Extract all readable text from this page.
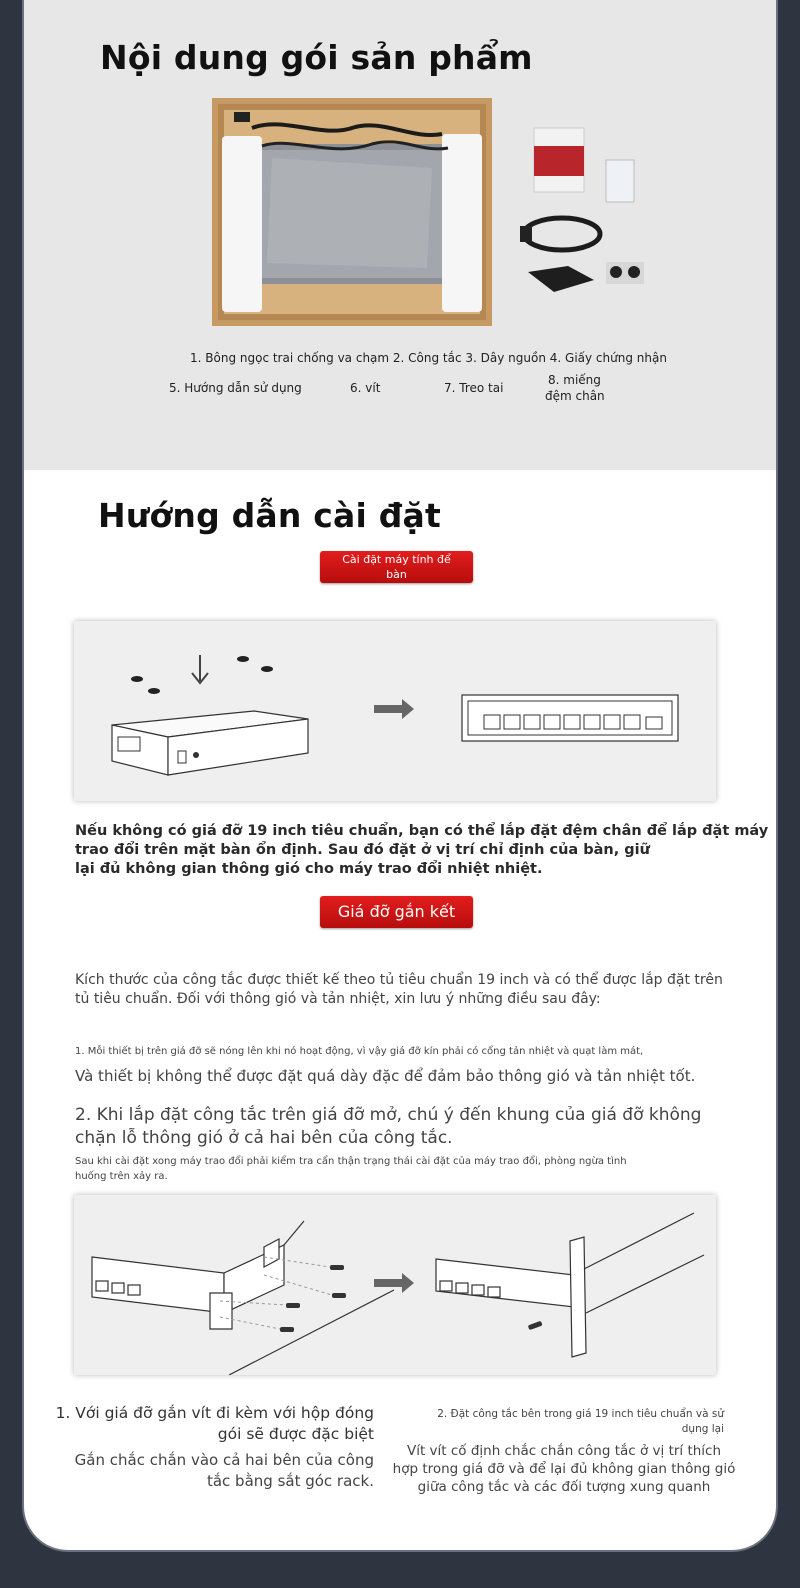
Nội dung gói sản phẩm
1. Bông ngọc trai chống va chạm 2. Công tắc 3. Dây nguồn 4. Giấy chứng nhận
5. Hướng dẫn sử dụng	6. vít	7. Treo tai
8. miếng
đệm chân
Hướng dẫn cài đặt
Cài đặt máy tính để
bàn
Nếu không có giá đỡ 19 inch tiêu chuẩn, bạn có thể lắp đặt đệm chân để lắp đặt máy
trao đổi trên mặt bàn ổn định. Sau đó đặt ở vị trí chỉ định của bàn, giữ
lại đủ không gian thông gió cho máy trao đổi nhiệt nhiệt.
Giá đỡ gắn kết
Kích thước của công tắc được thiết kế theo tủ tiêu chuẩn 19 inch và có thể được lắp đặt trên
tủ tiêu chuẩn. Đối với thông gió và tản nhiệt, xin lưu ý những điều sau đây:
1. Mỗi thiết bị trên giá đỡ sẽ nóng lên khi nó hoạt động, vì vậy giá đỡ kín phải có cổng tản nhiệt và quạt làm mát,
Và thiết bị không thể được đặt quá dày đặc để đảm bảo thông gió và tản nhiệt tốt.
2. Khi lắp đặt công tắc trên giá đỡ mở, chú ý đến khung của giá đỡ không
chặn lỗ thông gió ở cả hai bên của công tắc.
Sau khi cài đặt xong máy trao đổi phải kiểm tra cẩn thận trạng thái cài đặt của máy trao đổi, phòng ngừa tình
huống trên xảy ra.
1. Với giá đỡ gắn vít đi kèm với hộp đóng
gói sẽ được đặc biệt
Gắn chắc chắn vào cả hai bên của công
tắc bằng sắt góc rack.
2. Đặt công tắc bên trong giá 19 inch tiêu chuẩn và sử
dụng lại
Vít vít cố định chắc chắn công tắc ở vị trí thích
hợp trong giá đỡ và để lại đủ không gian thông gió
giữa công tắc và các đối tượng xung quanh
